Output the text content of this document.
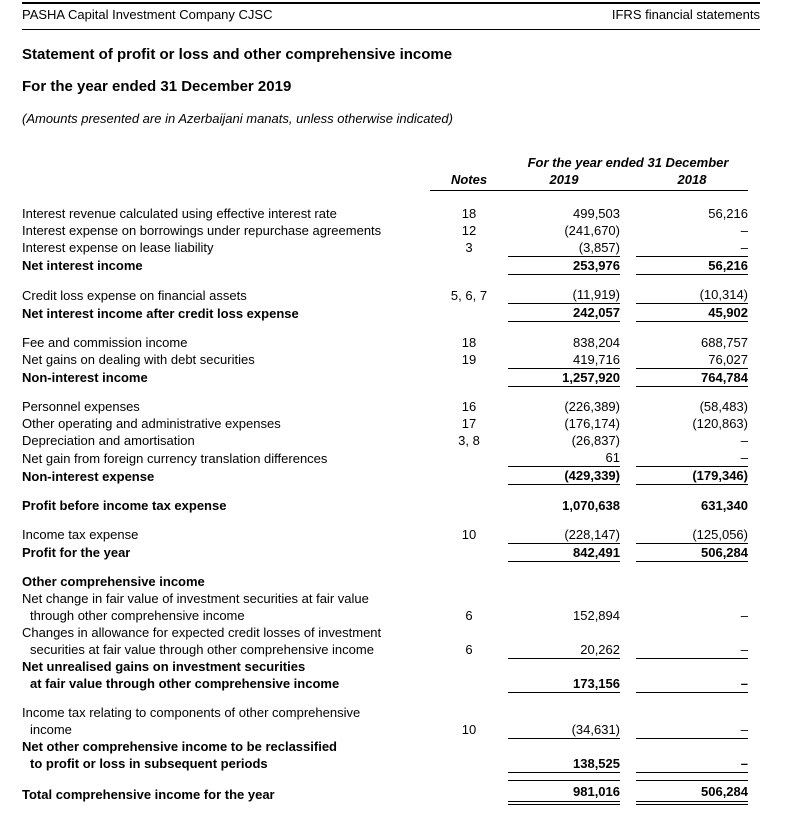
PASHA Capital Investment Company CJSC	IFRS financial statements
Statement of profit or loss and other comprehensive income
For the year ended 31 December 2019

(Amounts presented are in Azerbaijani manats, unless otherwise indicated)

		For the year ended 31 December		
	Notes	2019		2018

Interest revenue calculated using effective interest rate	18	499,503		56,216

Interest expense on borrowings under repurchase agreements	12	(241,670)		–

Interest expense on lease liability	3	(3,857)		–

Net interest income		253,976		56,216

Credit loss expense on financial assets	5, 6, 7	(11,919)		(10,314)

Net interest income after credit loss expense		242,057		45,902

Fee and commission income	18	838,204		688,757

Net gains on dealing with debt securities	19	419,716		76,027

Non-interest income		1,257,920		764,784

Personnel expenses	16	(226,389)		(58,483)

Other operating and administrative expenses	17	(176,174)		(120,863)

Depreciation and amortisation	3, 8	(26,837)		–

Net gain from foreign currency translation differences		61		–

Non-interest expense		(429,339)		(179,346)

Profit before income tax expense		1,070,638		631,340

Income tax expense	10	(228,147)		(125,056)

Profit for the year		842,491		506,284

Other comprehensive income				

Net change in fair value of investment securities at fair value
through other comprehensive income	6	152,894		–

Changes in allowance for expected credit losses of investment
securities at fair value through other comprehensive income	6	20,262		–

Net unrealised gains on investment securities
at fair value through other comprehensive income		173,156		–

Income tax relating to components of other comprehensive
income	10	(34,631)		–

Net other comprehensive income to be reclassified
to profit or loss in subsequent periods		138,525		–

Total comprehensive income for the year		981,016		506,284
